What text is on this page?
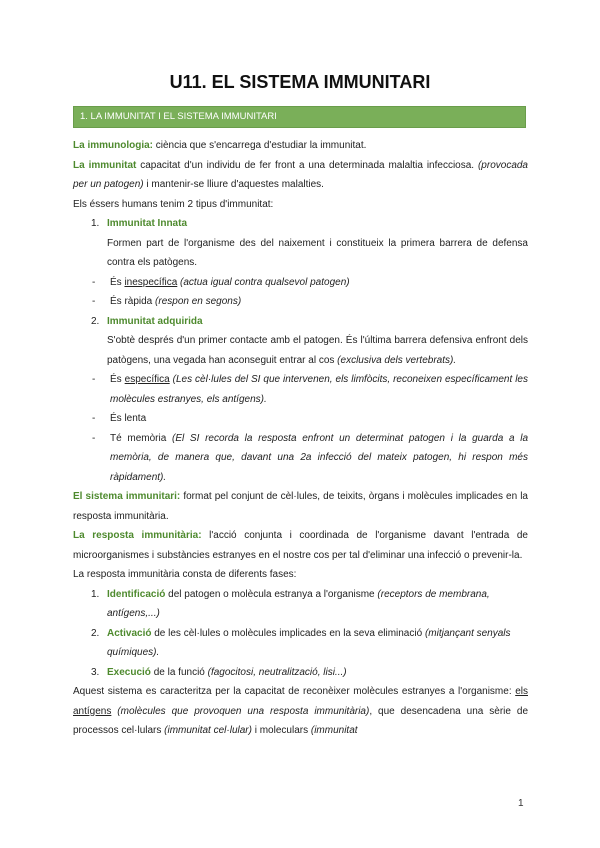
U11. EL SISTEMA IMMUNITARI
1. LA IMMUNITAT I EL SISTEMA IMMUNITARI

La immunologia: ciència que s'encarrega d'estudiar la immunitat.

La immunitat capacitat d'un individu de fer front a una determinada malaltia infecciosa. (provocada per un patogen) i mantenir-se lliure d'aquestes malalties.

Els éssers humans tenim 2 tipus d'immunitat:

1. Immunitat Innata

Formen part de l'organisme des del naixement i constitueix la primera barrera de defensa contra els patògens.

- És inespecífica (actua igual contra qualsevol patogen)
- És ràpida (respon en segons)
2. Immunitat adquirida

S'obtè després d'un primer contacte amb el patogen. És l'última barrera defensiva enfront dels patògens, una vegada han aconseguit entrar al cos (exclusiva dels vertebrats).

- És específica (Les cèl·lules del SI que intervenen, els limfòcits, reconeixen específicament les molècules estranyes, els antígens).
- És lenta
- Té memòria (El SI recorda la resposta enfront un determinat patogen i la guarda a la memòria, de manera que, davant una 2a infecció del mateix patogen, hi respon més ràpidament).

El sistema immunitari: format pel conjunt de cèl·lules, de teixits, òrgans i molècules implicades en la resposta immunitària.

La resposta immunitària: l'acció conjunta i coordinada de l'organisme davant l'entrada de microorganismes i substàncies estranyes en el nostre cos per tal d'eliminar una infecció o prevenir-la.

La resposta immunitària consta de diferents fases:

1. Identificació del patogen o molècula estranya a l'organisme (receptors de membrana, antígens,...)
2. Activació de les cèl·lules o molècules implicades en la seva eliminació (mitjançant senyals químiques).
3. Execució de la funció (fagocitosi, neutralització, lisi...)

Aquest sistema es caracteritza per la capacitat de reconèixer molècules estranyes a l'organisme: els antígens (molècules que provoquen una resposta immunitària), que desencadena una sèrie de processos cel·lulars (immunitat cel·lular) i moleculars (immunitat

1
